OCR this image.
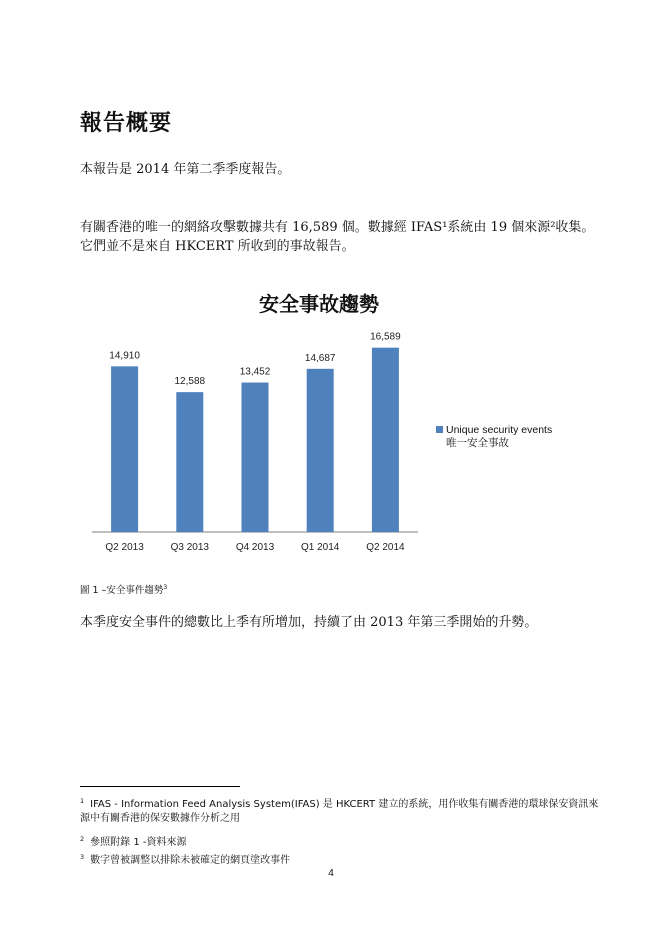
報告概要
本報告是 2014 年第二季季度報告。
有關香港的唯一的網絡攻擊數據共有 16,589 個。數據經 IFAS¹系統由 19 個來源²收集。
它們並不是來自 HKCERT 所收到的事故報告。
安全事故趨勢
14,910
Q2 2013
12,588
Q3 2013
13,452
Q4 2013
14,687
Q1 2014
16,589
Q2 2014
Unique security events
唯一安全事故
圖 1 –安全事件趨勢$^3$
本季度安全事件的總數比上季有所增加，持續了由 2013 年第三季開始的升勢。
$^1$ IFAS - Information Feed Analysis System(IFAS) 是 HKCERT 建立的系統，用作收集有關香港的環球保安資訊來源中有關香港的保安數據作分析之用
$^2$ 參照附錄 1 -資料來源
$^3$ 數字曾被調整以排除未被確定的網頁塗改事件
4
